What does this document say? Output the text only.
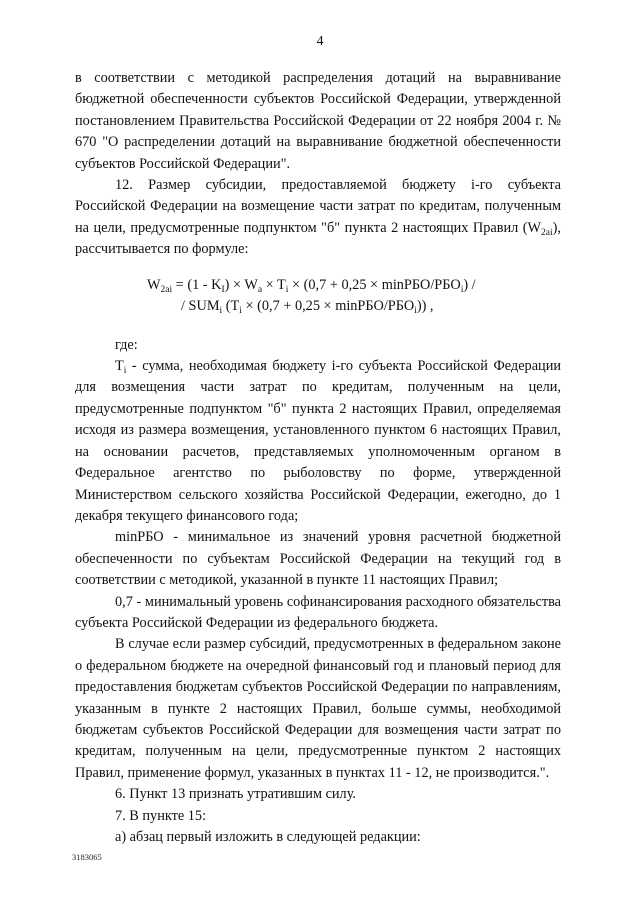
4

в соответствии с методикой распределения дотаций на выравнивание бюджетной обеспеченности субъектов Российской Федерации, утвержденной постановлением Правительства Российской Федерации от 22 ноября 2004 г. № 670 "О распределении дотаций на выравнивание бюджетной обеспеченности субъектов Российской Федерации".

12. Размер субсидии, предоставляемой бюджету i-го субъекта Российской Федерации на возмещение части затрат по кредитам, полученным на цели, предусмотренные подпунктом "б" пункта 2 настоящих Правил $(W_{2ai})$, рассчитывается по формуле:

$W_{2ai} = (1 - K_I) \times W_a \times T_i \times (0,7 + 0,25 \times \min РБО/РБО_i)$ /
/ $SUM_i$ $(T_i \times (0,7 + 0,25 \times \min РБО/РБО_i))$ ,

где:

$T_i$ - сумма, необходимая бюджету i-го субъекта Российской Федерации для возмещения части затрат по кредитам, полученным на цели, предусмотренные подпунктом "б" пункта 2 настоящих Правил, определяемая исходя из размера возмещения, установленного пунктом 6 настоящих Правил, на основании расчетов, представляемых уполномоченным органом в Федеральное агентство по рыболовству по форме, утвержденной Министерством сельского хозяйства Российской Федерации, ежегодно, до 1 декабря текущего финансового года;

minРБО - минимальное из значений уровня расчетной бюджетной обеспеченности по субъектам Российской Федерации на текущий год в соответствии с методикой, указанной в пункте 11 настоящих Правил;

0,7 - минимальный уровень софинансирования расходного обязательства субъекта Российской Федерации из федерального бюджета.

В случае если размер субсидий, предусмотренных в федеральном законе о федеральном бюджете на очередной финансовый год и плановый период для предоставления бюджетам субъектов Российской Федерации по направлениям, указанным в пункте 2 настоящих Правил, больше суммы, необходимой бюджетам субъектов Российской Федерации для возмещения части затрат по кредитам, полученным на цели, предусмотренные пунктом 2 настоящих Правил, применение формул, указанных в пунктах 11 - 12, не производится.".

6. Пункт 13 признать утратившим силу.

7. В пункте 15:

а) абзац первый изложить в следующей редакции:

3183065
